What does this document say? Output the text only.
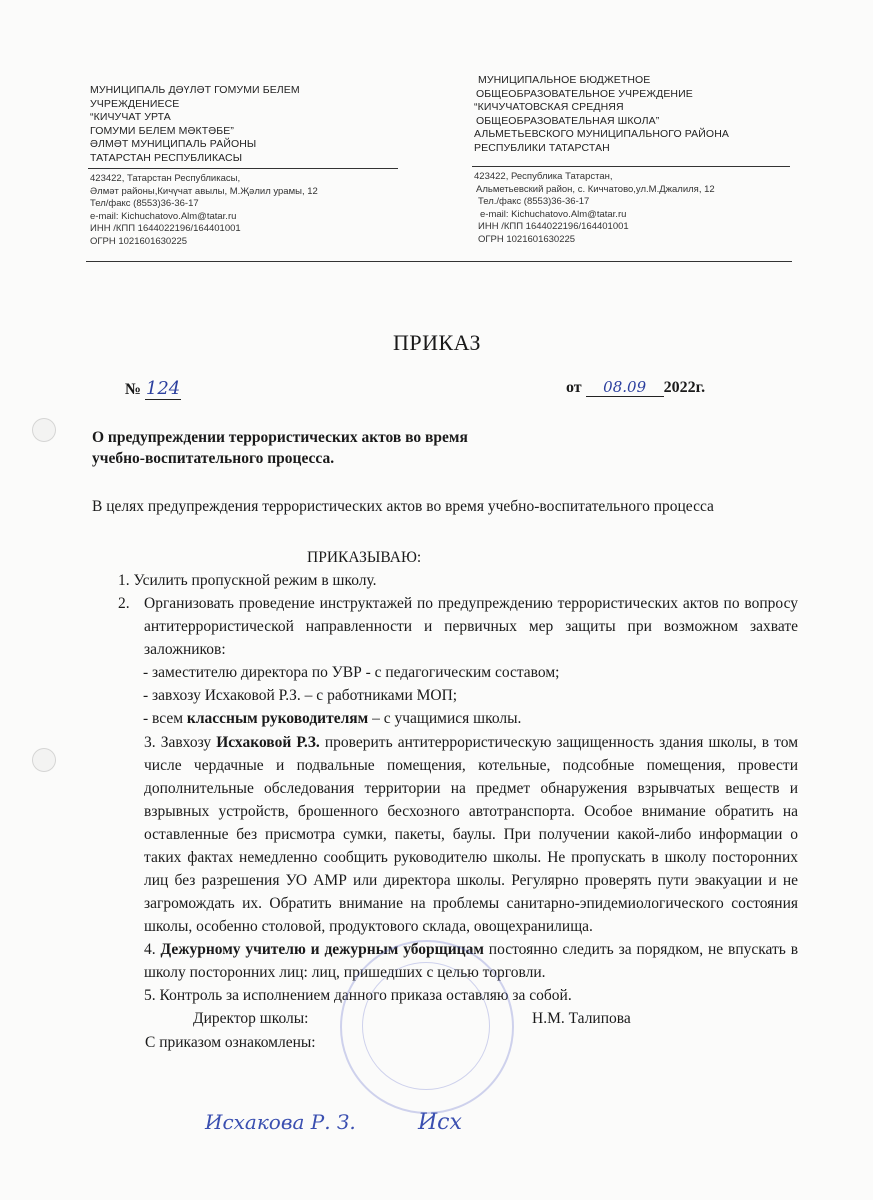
МУНИЦИПАЛЬ ДӘҮЛӘТ ГОМУМИ БЕЛЕМ
УЧРЕЖДЕНИЕСЕ
“КИЧУЧАТ УРТА
ГОМУМИ БЕЛЕМ МӘКТӘБЕ”
ӘЛМӘТ МУНИЦИПАЛЬ РАЙОНЫ
ТАТАРСТАН РЕСПУБЛИКАСЫ
МУНИЦИПАЛЬНОЕ БЮДЖЕТНОЕ
ОБЩЕОБРАЗОВАТЕЛЬНОЕ УЧРЕЖДЕНИЕ
“КИЧУЧАТОВСКАЯ СРЕДНЯЯ
ОБЩЕОБРАЗОВАТЕЛЬНАЯ ШКОЛА”
АЛЬМЕТЬЕВСКОГО МУНИЦИПАЛЬНОГО РАЙОНА
РЕСПУБЛИКИ ТАТАРСТАН
423422, Татарстан Республикасы,
Әлмәт районы,Кичүчат авылы, М.Җәлил урамы, 12
Тел/факс (8553)36-36-17
e-mail: Kichuchatovo.Alm@tatar.ru
ИНН /КПП 1644022196/164401001
ОГРН 1021601630225
423422, Республика Татарстан,
Альметьевский район, с. Киччатово,ул.М.Джалиля, 12
Тел./факс (8553)36-36-17
e-mail: Kichuchatovo.Alm@tatar.ru
ИНН /КПП 1644022196/164401001
ОГРН 1021601630225
ПРИКАЗ
№ 124	от 08.09 2022г.
О предупреждении террористических актов во время
учебно-воспитательного процесса.
В целях предупреждения террористических актов во время учебно-воспитательного процесса
ПРИКАЗЫВАЮ:
1. Усилить пропускной режим в школу.
2. Организовать проведение инструктажей по предупреждению террористических актов по вопросу антитеррористической направленности и первичных мер защиты при возможном захвате заложников:
- заместителю директора по УВР - с педагогическим составом;
- завхозу Исхаковой Р.З. – с работниками МОП;
- всем классным руководителям – с учащимися школы.
3. Завхозу Исхаковой Р.З. проверить антитеррористическую защищенность здания школы, в том числе чердачные и подвальные помещения, котельные, подсобные помещения, провести дополнительные обследования территории на предмет обнаружения взрывчатых веществ и взрывных устройств, брошенного бесхозного автотранспорта. Особое внимание обратить на оставленные без присмотра сумки, пакеты, баулы. При получении какой-либо информации о таких фактах немедленно сообщить руководителю школы. Не пропускать в школу посторонних лиц без разрешения УО АМР или директора школы. Регулярно проверять пути эвакуации и не загромождать их. Обратить внимание на проблемы санитарно-эпидемиологического состояния школы, особенно столовой, продуктового склада, овощехранилища.
4. Дежурному учителю и дежурным уборщицам постоянно следить за порядком, не впускать в школу посторонних лиц: лиц, пришедших с целью торговли.
5. Контроль за исполнением данного приказа оставляю за собой.
Директор школы:	Н.М. Талипова
С приказом ознакомлены:
Исхакова Р. З.	Исх
